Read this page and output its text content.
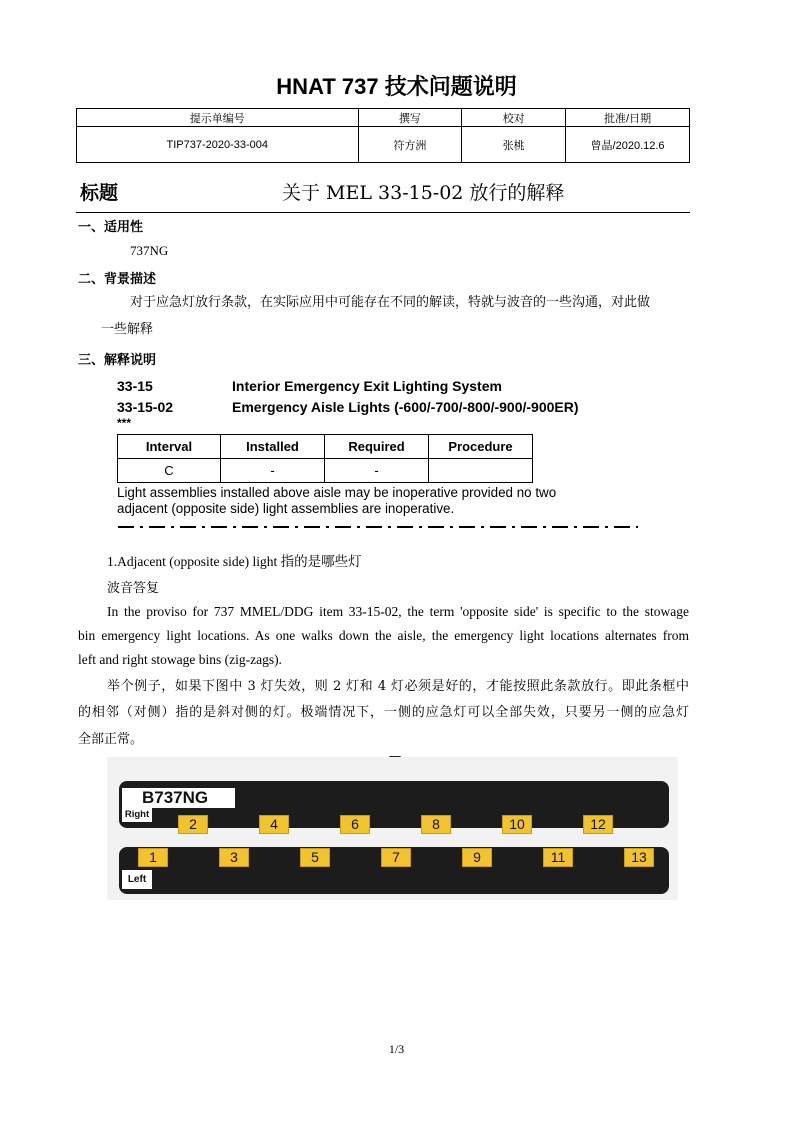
HNAT 737 技术问题说明
提示单编号	撰写	校对	批准/日期
TIP737-2020-33-004	符方洲	张桃	曾晶/2020.12.6
标题	关于 MEL 33-15-02 放行的解释
一、适用性
737NG
二、背景描述
对于应急灯放行条款，在实际应用中可能存在不同的解读，特就与波音的一些沟通，对此做
一些解释
三、解释说明
33-15	Interior Emergency Exit Lighting System
33-15-02	Emergency Aisle Lights (-600/-700/-800/-900/-900ER)
***
Interval	Installed	Required	Procedure
C	-	-	
Light assemblies installed above aisle may be inoperative provided no two
adjacent (opposite side) light assemblies are inoperative.
1.Adjacent (opposite side) light 指的是哪些灯
波音答复
In the proviso for 737 MMEL/DDG item 33-15-02, the term 'opposite side' is specific to the stowage
bin emergency light locations. As one walks down the aisle, the emergency light locations alternates from
left and right stowage bins (zig-zags).
举个例子，如果下图中 3 灯失效，则 2 灯和 4 灯必须是好的，才能按照此条款放行。即此条框中
的相邻（对侧）指的是斜对侧的灯。极端情况下，一侧的应急灯可以全部失效，只要另一侧的应急灯
全部正常。
B737NG
Right
Left
2	4	6	8	10	12
1	3	5	7	9	11	13
1/3
